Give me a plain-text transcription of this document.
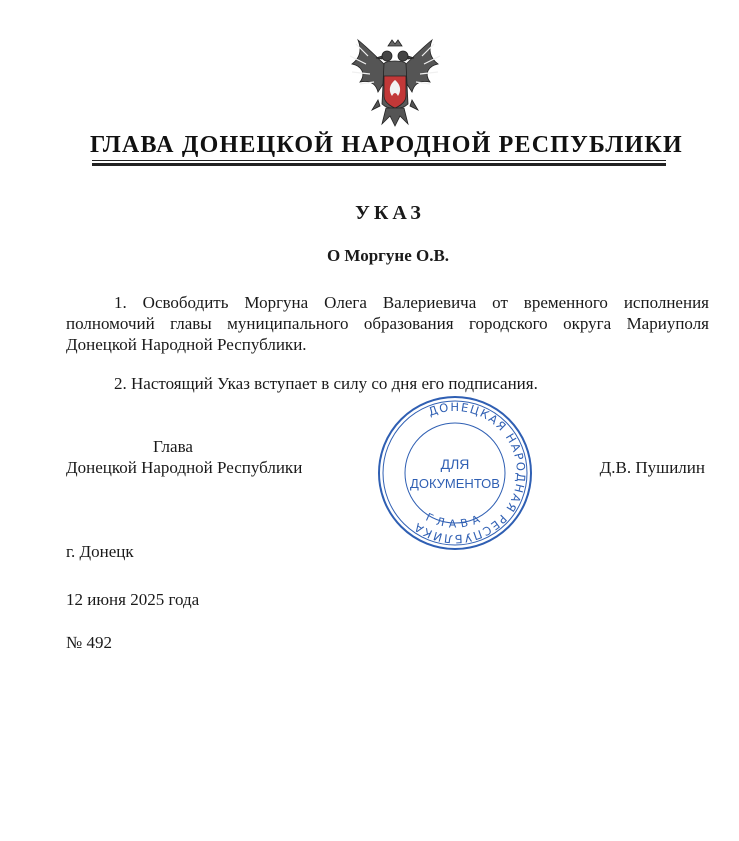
ГЛАВА ДОНЕЦКОЙ НАРОДНОЙ РЕСПУБЛИКИ
УКАЗ
О Моргуне О.В.
1. Освободить Моргуна Олега Валериевича от временного исполнения полномочий главы муниципального образования городского округа Мариуполя Донецкой Народной Республики.
2. Настоящий Указ вступает в силу со дня его подписания.
Глава
Донецкой Народной Республики	Д.В. Пушилин
ДОНЕЦКАЯ НАРОДНАЯ РЕСПУБЛИКА
ГЛАВА
ДЛЯ
ДОКУМЕНТОВ
г. Донецк
12 июня 2025 года
№ 492
